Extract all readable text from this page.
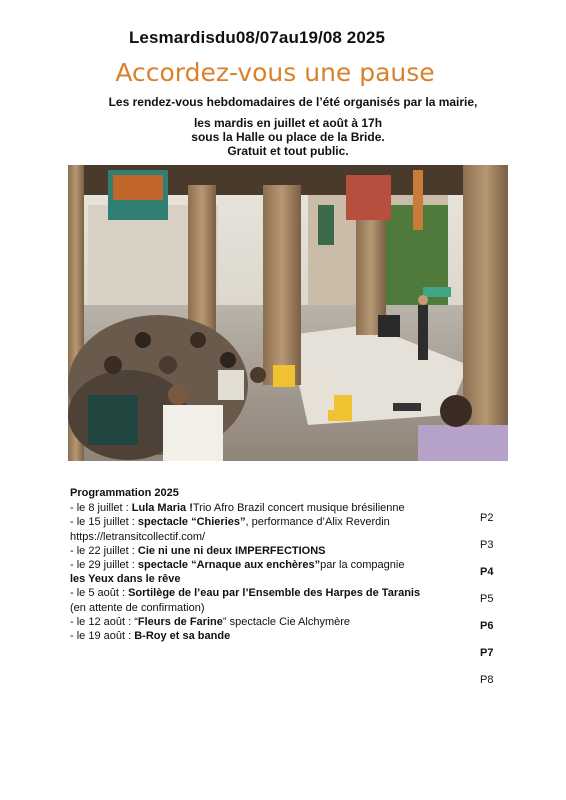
Lesmardisdu08/07au19/08 2025
Accordez-vous une pause
Les rendez-vous hebdomadaires de l’été organisés par la mairie,
les mardis en juillet et août à 17h
sous la Halle ou place de la Bride.
Gratuit et tout public.
Programmation 2025
- le 8 juillet : Lula Maria !Trio Afro Brazil concert musique brésilienne
- le 15 juillet : spectacle “Chieries”, performance d’Alix Reverdin
https://letransitcollectif.com/
- le 22 juillet : Cie ni une ni deux IMPERFECTIONS
- le 29 juillet : spectacle “Arnaque aux enchères”par la compagnie
les Yeux dans le rêve
- le 5 août : Sortilège de l’eau par l’Ensemble des Harpes de Taranis
(en attente de confirmation)
- le 12 août : “Fleurs de Farine” spectacle Cie Alchymère
- le 19 août : B-Roy et sa bande
P2
P3
P4
P5
P6
P7
P8
